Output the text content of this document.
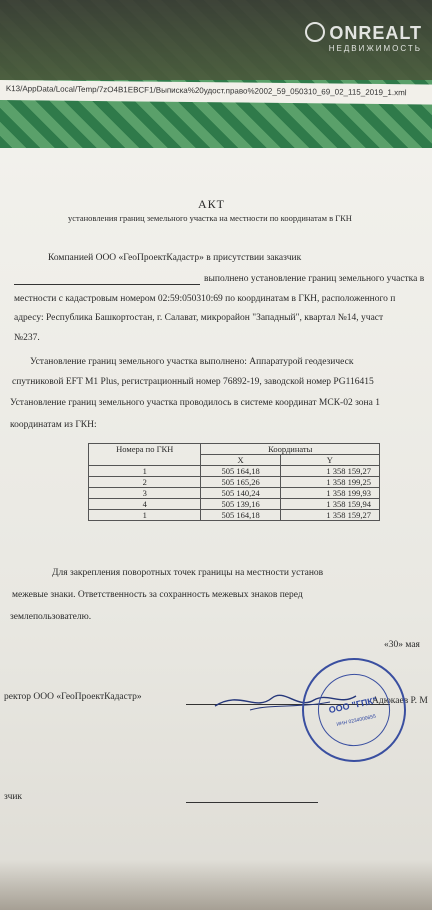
ONREALT
НЕДВИЖИМОСТЬ
K13/AppData/Local/Temp/7zO4B1EBCF1/Выписка%20удост.право%2002_59_050310_69_02_115_2019_1.xml
АКТ
установления границ земельного участка на местности по координатам в ГКН
Компанией ООО «ГеоПроектКадастр» в присутствии заказчик
выполнено установление границ земельного участка в
местности с кадастровым номером 02:59:050310:69 по координатам в ГКН, расположенного п
адресу: Республика Башкортостан, г. Салават, микрорайон "Западный", квартал №14, участ
№237.
Установление границ земельного участка выполнено: Аппаратурой геодезическ
спутниковой EFT M1 Plus, регистрационный номер 76892-19, заводской номер PG116415
Установление границ земельного участка проводилось в системе координат МСК-02 зона 1
координатам из ГКН:
Номера по ГКН	Координаты	
	X	Y
1	505 164,18	1 358 159,27
2	505 165,26	1 358 199,25
3	505 140,24	1 358 199,93
4	505 139,16	1 358 159,94
1	505 164,18	1 358 159,27
Для закрепления поворотных точек границы на местности установ
межевые знаки. Ответственность за сохранность межевых знаков перед
землепользователю.
«30» мая
ректор ООО «ГеоПроектКадастр»	Адюкаев Р. М
ООО "ГПК"
ИНН 0234000655
зчик
